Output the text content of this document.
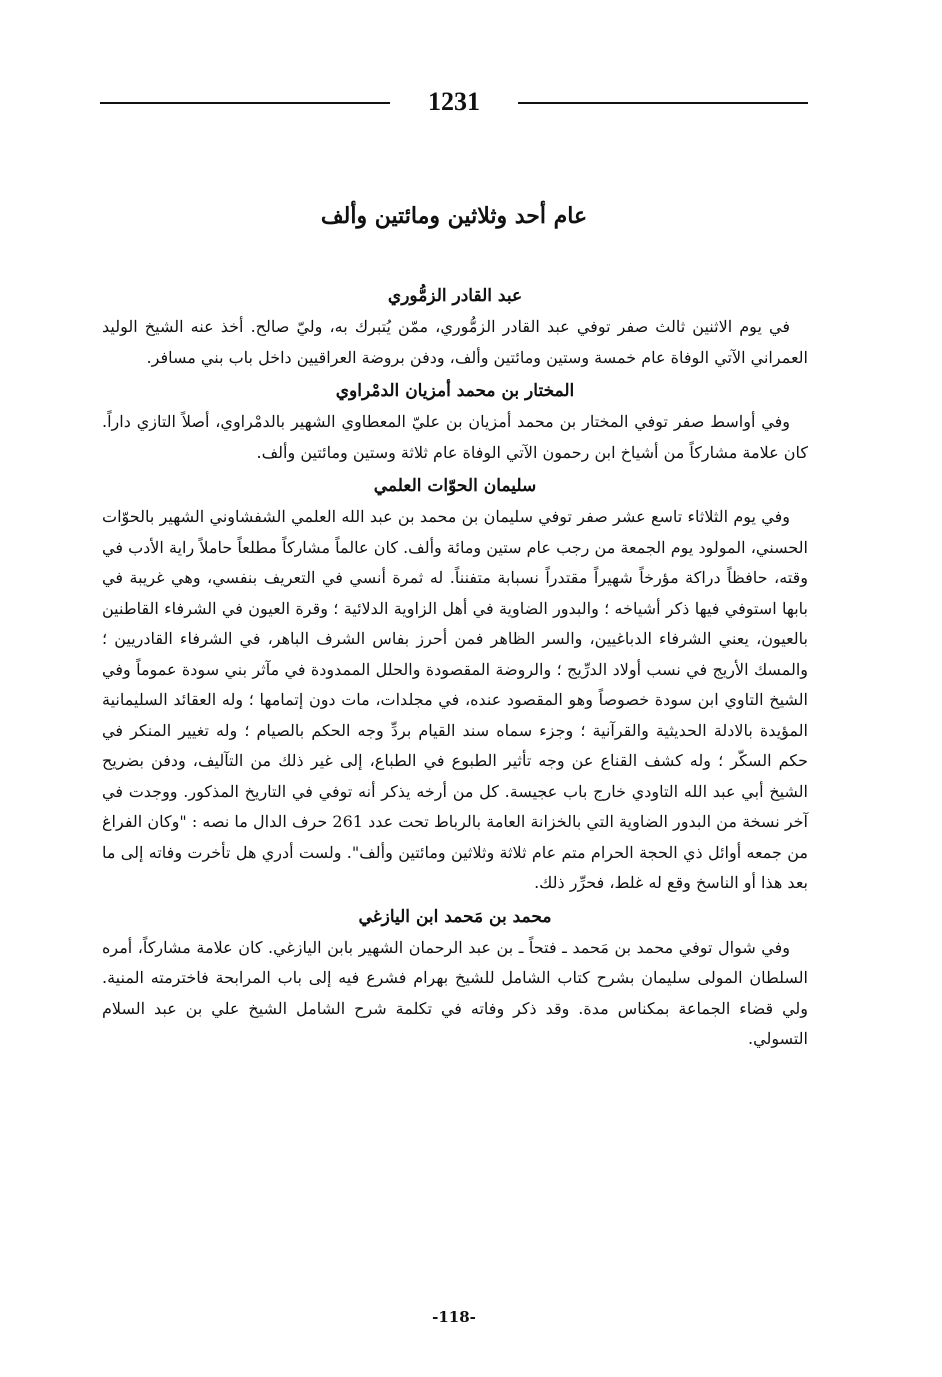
1231
عام أحد وثلاثين ومائتين وألف
عبد القادر الزمُّوري

في يوم الاثنين ثالث صفر توفي عبد القادر الزمُّوري، ممّن يُتبرك به، وليّ صالح. أخذ عنه الشيخ الوليد العمراني الآتي الوفاة عام خمسة وستين ومائتين وألف، ودفن بروضة العراقيين داخل باب بني مسافر.

المختار بن محمد أمزيان الدمْراوي

وفي أواسط صفر توفي المختار بن محمد أمزيان بن عليّ المعطاوي الشهير بالدمْراوي، أصلاً التازي داراً. كان علامة مشاركاً من أشياخ ابن رحمون الآتي الوفاة عام ثلاثة وستين ومائتين وألف.

سليمان الحوّات العلمي

وفي يوم الثلاثاء تاسع عشر صفر توفي سليمان بن محمد بن عبد الله العلمي الشفشاوني الشهير بالحوّات الحسني، المولود يوم الجمعة من رجب عام ستين ومائة وألف. كان عالماً مشاركاً مطلعاً حاملاً راية الأدب في وقته، حافظاً دراكة مؤرخاً شهيراً مقتدراً نسبابة متفنناً. له ثمرة أنسي في التعريف بنفسي، وهي غريبة في بابها استوفي فيها ذكر أشياخه ؛ والبدور الضاوية في أهل الزاوية الدلائية ؛ وقرة العيون في الشرفاء القاطنين بالعيون، يعني الشرفاء الدباغيين، والسر الظاهر فمن أحرز بفاس الشرف الباهر، في الشرفاء القادريين ؛ والمسك الأريج في نسب أولاد الدرِّيج ؛ والروضة المقصودة والحلل الممدودة في مآثر بني سودة عموماً وفي الشيخ التاوي ابن سودة خصوصاً وهو المقصود عنده، في مجلدات، مات دون إتمامها ؛ وله العقائد السليمانية المؤيدة بالادلة الحديثية والقرآنية ؛ وجزء سماه سند القيام بردِّ وجه الحكم بالصيام ؛ وله تغيير المنكر في حكم السكّر ؛ وله كشف القناع عن وجه تأثير الطبوع في الطباع، إلى غير ذلك من التآليف، ودفن بضريح الشيخ أبي عبد الله التاودي خارج باب عجيسة. كل من أرخه يذكر أنه توفي في التاريخ المذكور. ووجدت في آخر نسخة من البدور الضاوية التي بالخزانة العامة بالرباط تحت عدد 261 حرف الدال ما نصه : "وكان الفراغ من جمعه أوائل ذي الحجة الحرام متم عام ثلاثة وثلاثين ومائتين وألف". ولست أدري هل تأخرت وفاته إلى ما بعد هذا أو الناسخ وقع له غلط، فحرِّر ذلك.

محمد بن مَحمد ابن اليازغي

وفي شوال توفي محمد بن مَحمد ـ فتحاً ـ بن عبد الرحمان الشهير بابن اليازغي. كان علامة مشاركاً، أمره السلطان المولى سليمان بشرح كتاب الشامل للشيخ بهرام فشرع فيه إلى باب المرابحة فاخترمته المنية. ولي قضاء الجماعة بمكناس مدة. وقد ذكر وفاته في تكلمة شرح الشامل الشيخ علي بن عبد السلام التسولي.

-118-
